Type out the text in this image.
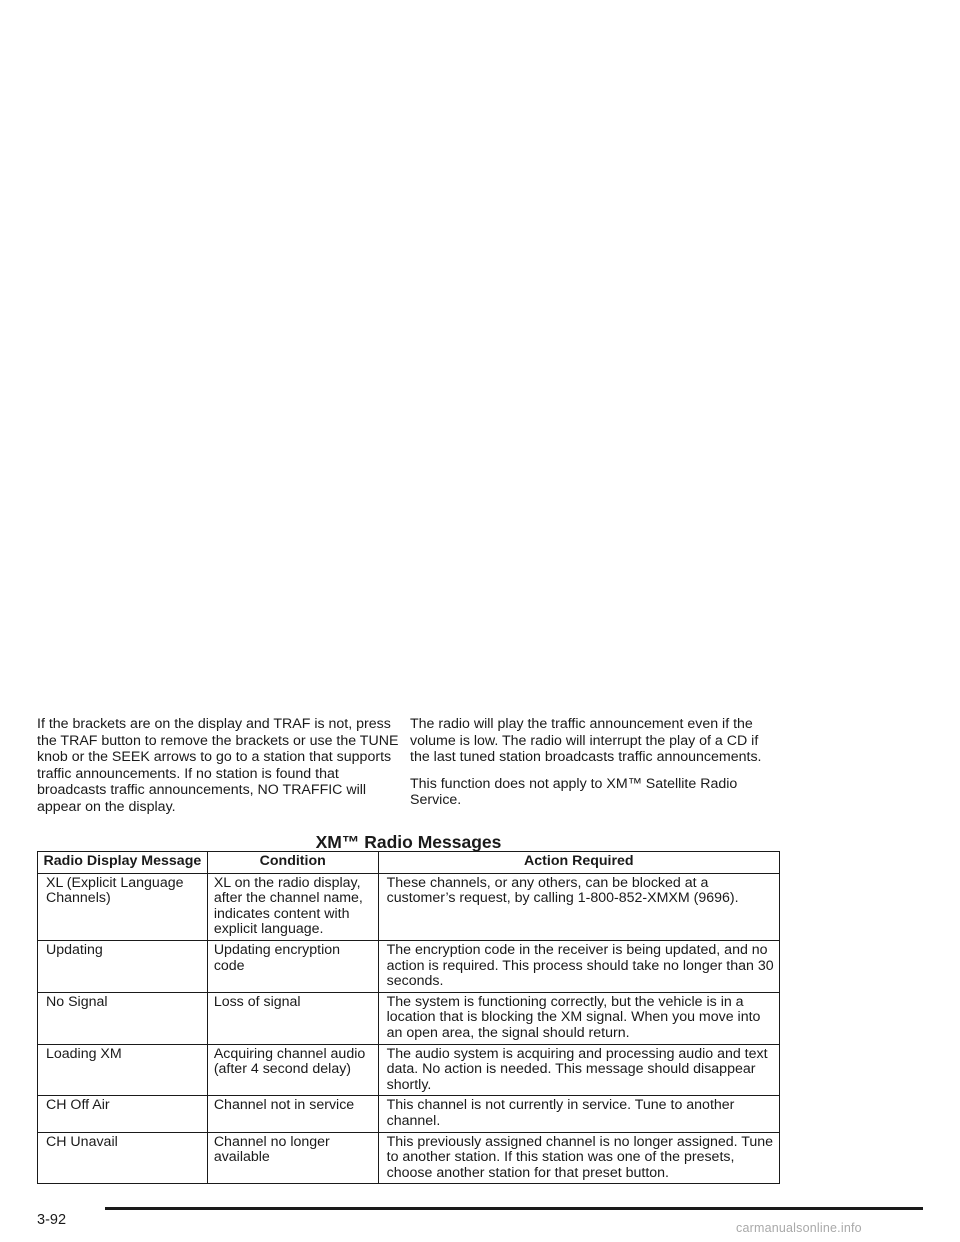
If the brackets are on the display and TRAF is not, press the TRAF button to remove the brackets or use the TUNE knob or the SEEK arrows to go to a station that supports traffic announcements. If no station is found that broadcasts traffic announcements, NO TRAFFIC will appear on the display.

The radio will play the traffic announcement even if the volume is low. The radio will interrupt the play of a CD if the last tuned station broadcasts traffic announcements.

This function does not apply to XM™ Satellite Radio Service.

XM™ Radio Messages
Radio Display Message	Condition	Action Required
XL (Explicit Language Channels)	XL on the radio display, after the channel name, indicates content with explicit language.	These channels, or any others, can be blocked at a customer’s request, by calling 1-800-852-XMXM (9696).
Updating	Updating encryption code	The encryption code in the receiver is being updated, and no action is required. This process should take no longer than 30 seconds.
No Signal	Loss of signal	The system is functioning correctly, but the vehicle is in a location that is blocking the XM signal. When you move into an open area, the signal should return.
Loading XM	Acquiring channel audio (after 4 second delay)	The audio system is acquiring and processing audio and text data. No action is needed. This message should disappear shortly.
CH Off Air	Channel not in service	This channel is not currently in service. Tune to another channel.
CH Unavail	Channel no longer available	This previously assigned channel is no longer assigned. Tune to another station. If this station was one of the presets, choose another station for that preset button.
3-92	carmanualsonline.info
